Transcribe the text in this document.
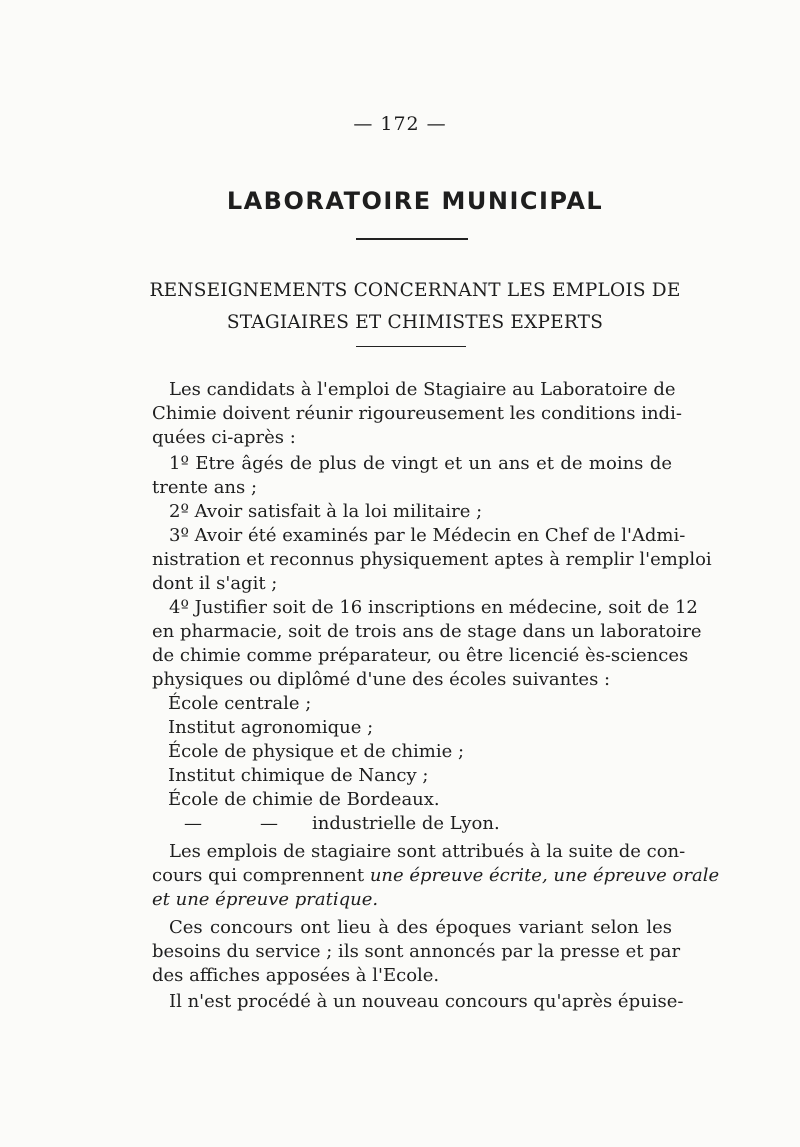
— 172 —
LABORATOIRE MUNICIPAL
RENSEIGNEMENTS CONCERNANT LES EMPLOIS DE
STAGIAIRES ET CHIMISTES EXPERTS
Les candidats à l'emploi de Stagiaire au Laboratoire de
Chimie doivent réunir rigoureusement les conditions indi-
quées ci-après :
1º Etre âgés de plus de vingt et un ans et de moins de
trente ans ;
2º Avoir satisfait à la loi militaire ;
3º Avoir été examinés par le Médecin en Chef de l'Admi-
nistration et reconnus physiquement aptes à remplir l'emploi
dont il s'agit ;
4º Justifier soit de 16 inscriptions en médecine, soit de 12
en pharmacie, soit de trois ans de stage dans un laboratoire
de chimie comme préparateur, ou être licencié ès-sciences
physiques ou diplômé d'une des écoles suivantes :
École centrale ;
Institut agronomique ;
École de physique et de chimie ;
Institut chimique de Nancy ;
École de chimie de Bordeaux.
—	— industrielle de Lyon.
Les emplois de stagiaire sont attribués à la suite de con-
cours qui comprennent une épreuve écrite, une épreuve orale
et une épreuve pratique.
Ces concours ont lieu à des époques variant selon les
besoins du service ; ils sont annoncés par la presse et par
des affiches apposées à l'Ecole.
Il n'est procédé à un nouveau concours qu'après épuise-
